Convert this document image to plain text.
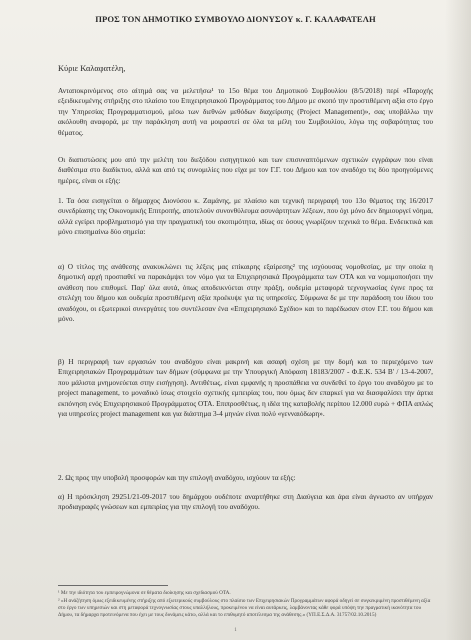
ΠΡΟΣ ΤΟΝ ΔΗΜΟΤΙΚΟ ΣΥΜΒΟΥΛΟ ΔΙΟΝΥΣΟΥ κ. Γ. ΚΑΛΑΦΑΤΕΛΗ
Κύριε Καλαφατέλη,
Ανταποκρινόμενος στο αίτημά σας να μελετήσω¹ το 15ο θέμα του Δημοτικού Συμβουλίου (8/5/2018) περί «Παροχής εξειδικευμένης στήριξης στο πλαίσιο του Επιχειρησιακού Προγράμματος του Δήμου με σκοπό την προστιθέμενη αξία στο έργο την Υπηρεσίας Προγραμματισμού, μέσω των διεθνών μεθόδων διαχείρισης (Project Management)», σας υποβάλλω την ακόλουθη αναφορά, με την παράκληση αυτή να μοιραστεί σε όλα τα μέλη του Συμβουλίου, λόγω της σοβαρότητας του θέματος.
Οι διαπιστώσεις μου από την μελέτη του διεξόδου εισηγητικού και των επισυναπτόμενων σχετικών εγγράφων που είναι διαθέσιμα στο διαδίκτυο, αλλά και από τις συνομιλίες που είχα με τον Γ.Γ. του Δήμου και τον αναδόχο τις δύο προηγούμενες ημέρες, είναι οι εξής:
1. Τα όσα εισηγείται ο δήμαρχος Διονύσου κ. Ζαμάνης, με πλαίσιο και τεχνική περιγραφή του 13ο θέματος της 16/2017 συνεδρίασης της Οικονομικής Επιτροπής, αποτελούν συνονθύλευμα ασυνάρτητων λέξεων, που όχι μόνο δεν δημιουργεί νόημα, αλλά εγείρει προβληματισμό για την πραγματική του σκοπιμότητα, ιδίως σε όσους γνωρίζουν τεχνικά το θέμα. Ενδεικτικά και μόνο επισημαίνω δύο σημεία:
α) Ο τίτλος της ανάθεσης ανακυκλώνει τις λέξεις μας επίκαιρης εξαίρεσης² της ισχύουσας νομοθεσίας, με την οποία η δημοτική αρχή προσπαθεί να παρακάμψει τον νόμο για τα Επιχειρησιακά Προγράμματα των ΟΤΑ και να νομιμοποιήσει την ανάθεση που επιθυμεί. Παρ' όλα αυτά, όπως αποδεικνύεται στην πράξη, ουδεμία μεταφορά τεχνογνωσίας έγινε προς τα στελέχη του δήμου και ουδεμία προστιθέμενη αξία προέκυψε για τις υπηρεσίες. Σύμφωνα δε με την παράδοση του ίδιου του αναδόχου, οι εξωτερικοί συνεργάτες του συντέλεσαν ένα «Επιχειρησιακό Σχέδιο» και το παρέδωσαν στον Γ.Γ. του δήμου και μόνο.
β) Η περιγραφή των εργασιών του αναδόχου είναι μακρινή και ασαφή σχέση με την δομή και το περιεχόμενο των Επιχειρησιακών Προγραμμάτων των δήμων (σύμφωνα με την Υπουργική Απόφαση 18183/2007 - Φ.Ε.Κ. 534 Β' / 13-4-2007, που μάλιστα μνημονεύεται στην εισήγηση). Αντιθέτως, είναι εμφανής η προσπάθεια να συνδεθεί το έργο του αναδόχου με το project management, το μοναδικό ίσως στοιχείο σχετικής εμπειρίας του, που όμως δεν επαρκεί για να διασφαλίσει την άρτια εκπόνηση ενός Επιχειρησιακού Προγράμματος ΟΤΑ. Επιπροσθέτως, η ιδέα της καταβολής περίπου 12.000 ευρώ + ΦΠΑ απλώς για υπηρεσίες project management και για διάστημα 3-4 μηνών είναι πολύ «γενναιόδωρη».
2. Ως προς την υποβολή προσφορών και την επιλογή αναδόχου, ισχύουν τα εξής:
α) Η πρόσκληση 29251/21-09-2017 του δημάρχου ουδέποτε αναρτήθηκε στη Διαύγεια και άρα είναι άγνωστο αν υπήρχαν προδιαγραφές γνώσεων και εμπειρίας για την επιλογή του αναδόχου.
¹ Με την ιδιότητα του εμπειρογνώμονα σε θέματα διοίκησης και σχεδιασμού ΟΤΑ.
² «Η ανάζήτηση όμως εξειδικευμένης στήριξης από εξωτερικούς συμβούλους στο πλαίσιο των Επιχειρησιακών Προγραμμάτων αφορά οδηγεί σε συγκεκριμένη προστιθέμενη αξία στο έργο των υπηρεσιών και στη μεταφορά τεχνογνωσίας στους υπαλλήλους, προκειμένου να είναι αυτάρκεις, λαμβάνοντας κάθε φορά υπόψη την πραγματική ικανότητα του Δήμου, τα δήμαρχα προτεινόμενα που έχει με τους δυνάμεις κάτω, αλλά και το επιθυμητό αποτέλεσμα της ανάθεσης.» (ΥΠ.Ε.Σ.Δ.Α. 31757/02.10.2015)
1
